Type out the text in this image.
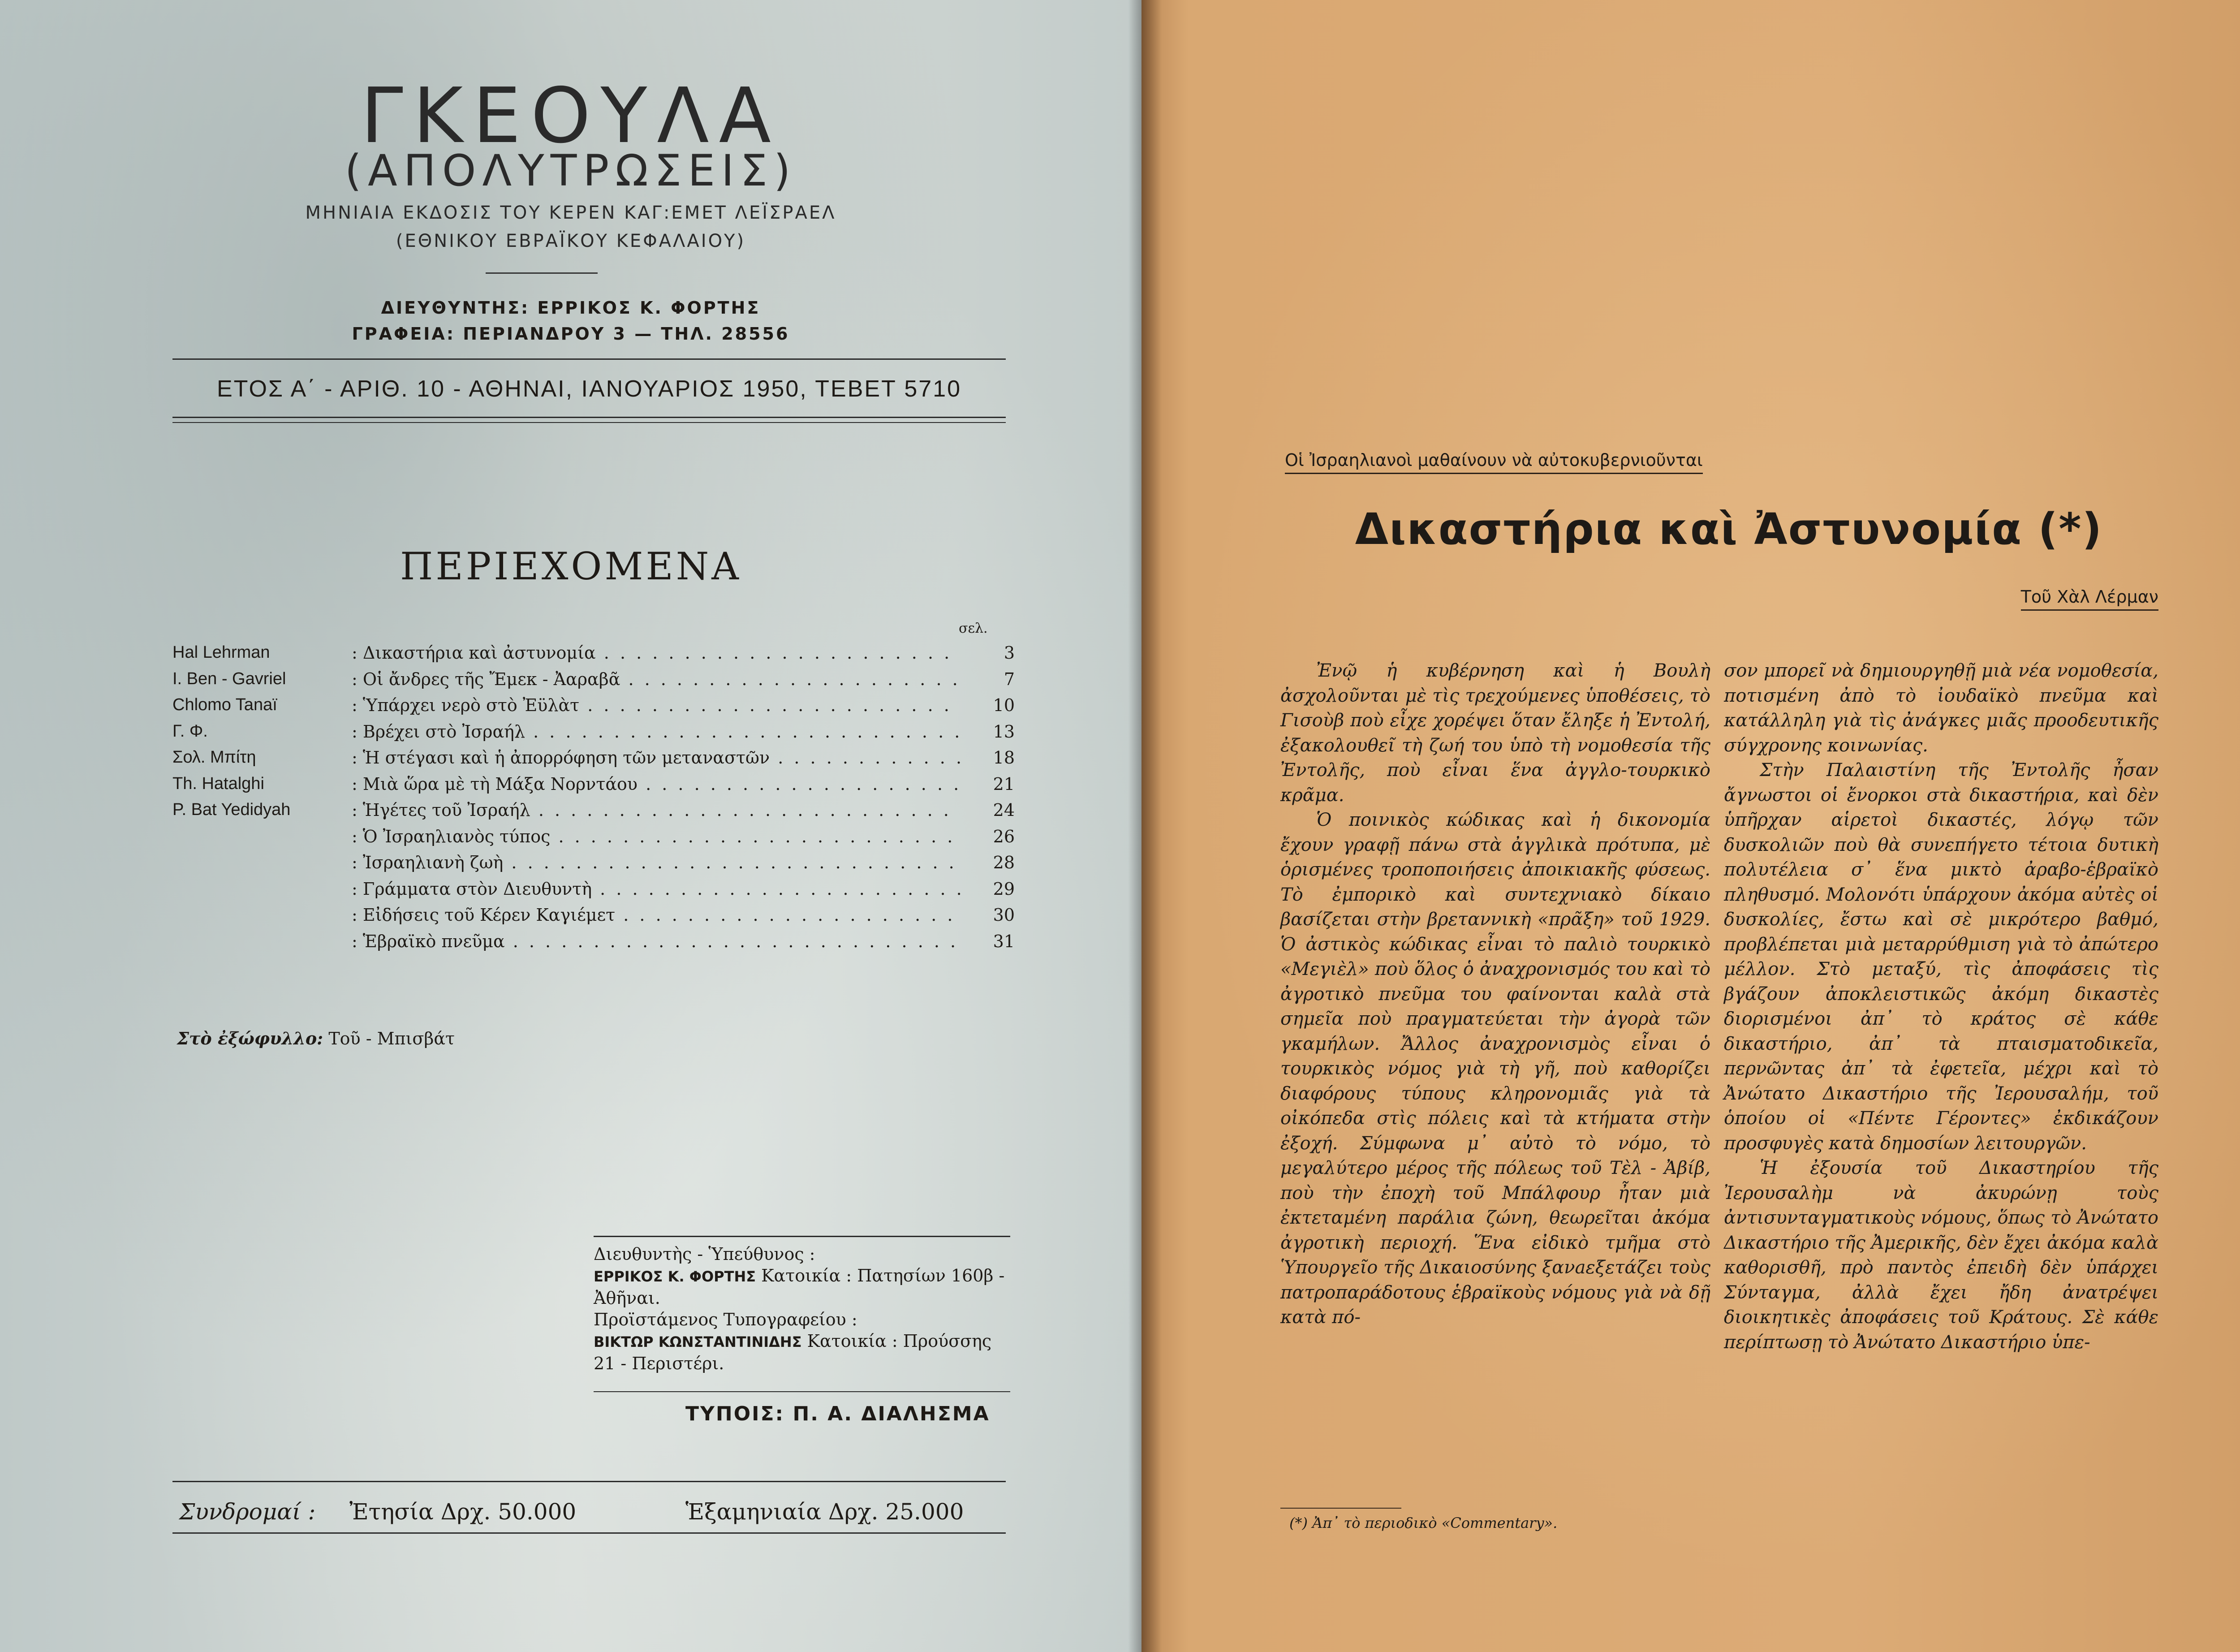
ΓΚΕΟΥΛΑ
(ΑΠΟΛΥΤΡΩΣΕΙΣ)
ΜΗΝΙΑΙΑ ΕΚΔΟΣΙΣ ΤΟΥ ΚΕΡΕΝ ΚΑΓ:ΕΜΕΤ ΛΕΪΣΡΑΕΛ
(ΕΘΝΙΚΟΥ ΕΒΡΑΪΚΟΥ ΚΕΦΑΛΑΙΟΥ)
ΔΙΕΥΘΥΝΤΗΣ: ΕΡΡΙΚΟΣ Κ. ΦΟΡΤΗΣ
ΓΡΑΦΕΙΑ: ΠΕΡΙΑΝΔΡΟΥ 3 — ΤΗΛ. 28556
ΕΤΟΣ Α΄ - ΑΡΙΘ. 10 - ΑΘΗΝΑΙ, ΙΑΝΟΥΑΡΙΟΣ 1950, ΤΕΒΕΤ 5710
ΠΕΡΙΕΧΟΜΕΝΑ
σελ.
Hal Lehrman	: Δικαστήρια καὶ ἀστυνομία . . .	3
I. Ben - Gavriel	: Οἱ ἄνδρες τῆς Ἔμεκ - Ἀαραβᾶ . . .	7
Chlomo Tanaï	: Ὑπάρχει νερὸ στὸ Ἐϋλὰτ . . .	10
Γ. Φ.	: Βρέχει στὸ Ἰσραήλ . . .	13
Σολ. Μπίτη	: Ἡ στέγασι καὶ ἡ ἀπορρόφηση τῶν μεταναστῶν . . .	18
Th. Hatalghi	: Μιὰ ὥρα μὲ τὴ Μάξα Νορντάου . . .	21
P. Bat Yedidyah	: Ἡγέτες τοῦ Ἰσραήλ . . .	24
: Ὁ Ἰσραηλιανὸς τύπος . . .	26
: Ἰσραηλιανὴ ζωὴ . . .	28
: Γράμματα στὸν Διευθυντὴ . . .	29
: Εἰδήσεις τοῦ Κέρεν Καγιέμετ . . .	30
: Ἑβραϊκὸ πνεῦμα . . .	31
Στὸ ἐξώφυλλο: Τοῦ - Μπισβάτ
Διευθυντὴς - Ὑπεύθυνος :
ΕΡΡΙΚΟΣ Κ. ΦΟΡΤΗΣ Κατοικία : Πατησίων 160β - Ἀθῆναι.
Προϊστάμενος Τυπογραφείου :
ΒΙΚΤΩΡ ΚΩΝΣΤΑΝΤΙΝΙΔΗΣ Κατοικία : Προύσσης 21 - Περιστέρι.
ΤΥΠΟΙΣ: Π. Α. ΔΙΑΛΗΣΜΑ
Συνδρομαί : Ἐτησία Δρχ. 50.000	Ἑξαμηνιαία Δρχ. 25.000
Οἱ Ἰσραηλιανοὶ μαθαίνουν νὰ αὐτοκυβερνιοῦνται
Δικαστήρια καὶ Ἀστυνομία (*)
Τοῦ Χὰλ Λέρμαν

Ἐνῷ ἡ κυβέρνηση καὶ ἡ Βουλὴ ἀσχολοῦνται μὲ τὶς τρεχούμενες ὑποθέσεις, τὸ Γισοὺβ ποὺ εἶχε χορέψει ὅταν ἔληξε ἡ Ἐντολή, ἐξακολουθεῖ τὴ ζωή του ὑπὸ τὴ νομοθεσία τῆς Ἐντολῆς, ποὺ εἶναι ἕνα ἀγγλο-τουρκικὸ κρᾶμα.

Ὁ ποινικὸς κώδικας καὶ ἡ δικονομία ἔχουν γραφῇ πάνω στὰ ἀγγλικὰ πρότυπα, μὲ ὁρισμένες τροποποιήσεις ἀποικιακῆς φύσεως. Τὸ ἐμπορικὸ καὶ συντεχνιακὸ δίκαιο βασίζεται στὴν βρεταννικὴ «πρᾶξη» τοῦ 1929. Ὁ ἀστικὸς κώδικας εἶναι τὸ παλιὸ τουρκικὸ «Μεγιὲλ» ποὺ ὅλος ὁ ἀναχρονισμός του καὶ τὸ ἀγροτικὸ πνεῦμα του φαίνονται καλὰ στὰ σημεῖα ποὺ πραγματεύεται τὴν ἀγορὰ τῶν γκαμήλων. Ἄλλος ἀναχρονισμὸς εἶναι ὁ τουρκικὸς νόμος γιὰ τὴ γῆ, ποὺ καθορίζει διαφόρους τύπους κληρονομιᾶς γιὰ τὰ οἰκόπεδα στὶς πόλεις καὶ τὰ κτήματα στὴν ἐξοχή. Σύμφωνα μ᾽ αὐτὸ τὸ νόμο, τὸ μεγαλύτερο μέρος τῆς πόλεως τοῦ Τὲλ - Ἀβίβ, ποὺ τὴν ἐποχὴ τοῦ Μπάλφουρ ἦταν μιὰ ἐκτεταμένη παράλια ζώνη, θεωρεῖται ἀκόμα ἀγροτικὴ περιοχή. Ἕνα εἰδικὸ τμῆμα στὸ Ὑπουργεῖο τῆς Δικαιοσύνης ξανaεξετάζει τοὺς πατροπαράδοτους ἑβραϊκοὺς νόμους γιὰ νὰ δῇ κατὰ πό-

σον μπορεῖ νὰ δημιουργηθῇ μιὰ νέα νομοθεσία, ποτισμένη ἀπὸ τὸ ἰουδαϊκὸ πνεῦμα καὶ κατάλληλη γιὰ τὶς ἀνάγκες μιᾶς προοδευτικῆς σύγχρονης κοινωνίας.

Στὴν Παλαιστίνη τῆς Ἐντολῆς ἦσαν ἄγνωστοι οἱ ἔνορκοι στὰ δικαστήρια, καὶ δὲν ὑπῆρχαν αἱρετοὶ δικαστές, λόγῳ τῶν δυσκολιῶν ποὺ θὰ συνεπήγετο τέτοια δυτικὴ πολυτέλεια σ᾽ ἕνα μικτὸ ἀραβο-ἑβραϊκὸ πληθυσμό. Μολονότι ὑπάρχουν ἀκόμα αὐτὲς οἱ δυσκολίες, ἔστω καὶ σὲ μικρότερο βαθμό, προβλέπεται μιὰ μεταρρύθμιση γιὰ τὸ ἀπώτερο μέλλον. Στὸ μεταξύ, τὶς ἀποφάσεις τὶς βγάζουν ἀποκλειστικῶς ἀκόμη δικαστὲς διορισμένοι ἀπ᾽ τὸ κράτος σὲ κάθε δικαστήριο, ἀπ᾽ τὰ πταισματοδικεῖα, περνῶντας ἀπ᾽ τὰ ἐφετεῖα, μέχρι καὶ τὸ Ἀνώτατο Δικαστήριο τῆς Ἰερουσαλήμ, τοῦ ὁποίου οἱ «Πέντε Γέροντες» ἐκδικάζουν προσφυγὲς κατὰ δημοσίων λειτουργῶν.

Ἡ ἐξουσία τοῦ Δικαστηρίου τῆς Ἰερουσαλὴμ νὰ ἀκυρώνῃ τοὺς ἀντισυνταγματικοὺς νόμους, ὅπως τὸ Ἀνώτατο Δικαστήριο τῆς Ἀμερικῆς, δὲν ἔχει ἀκόμα καλὰ καθορισθῆ, πρὸ παντὸς ἐπειδὴ δὲν ὑπάρχει Σύνταγμα, ἀλλὰ ἔχει ἤδη ἀνατρέψει διοικητικὲς ἀποφάσεις τοῦ Κράτους. Σὲ κάθε περίπτωσῃ τὸ Ἀνώτατο Δικαστήριο ὑπε-

(*) Ἀπ᾽ τὸ περιοδικὸ «Commentary».
